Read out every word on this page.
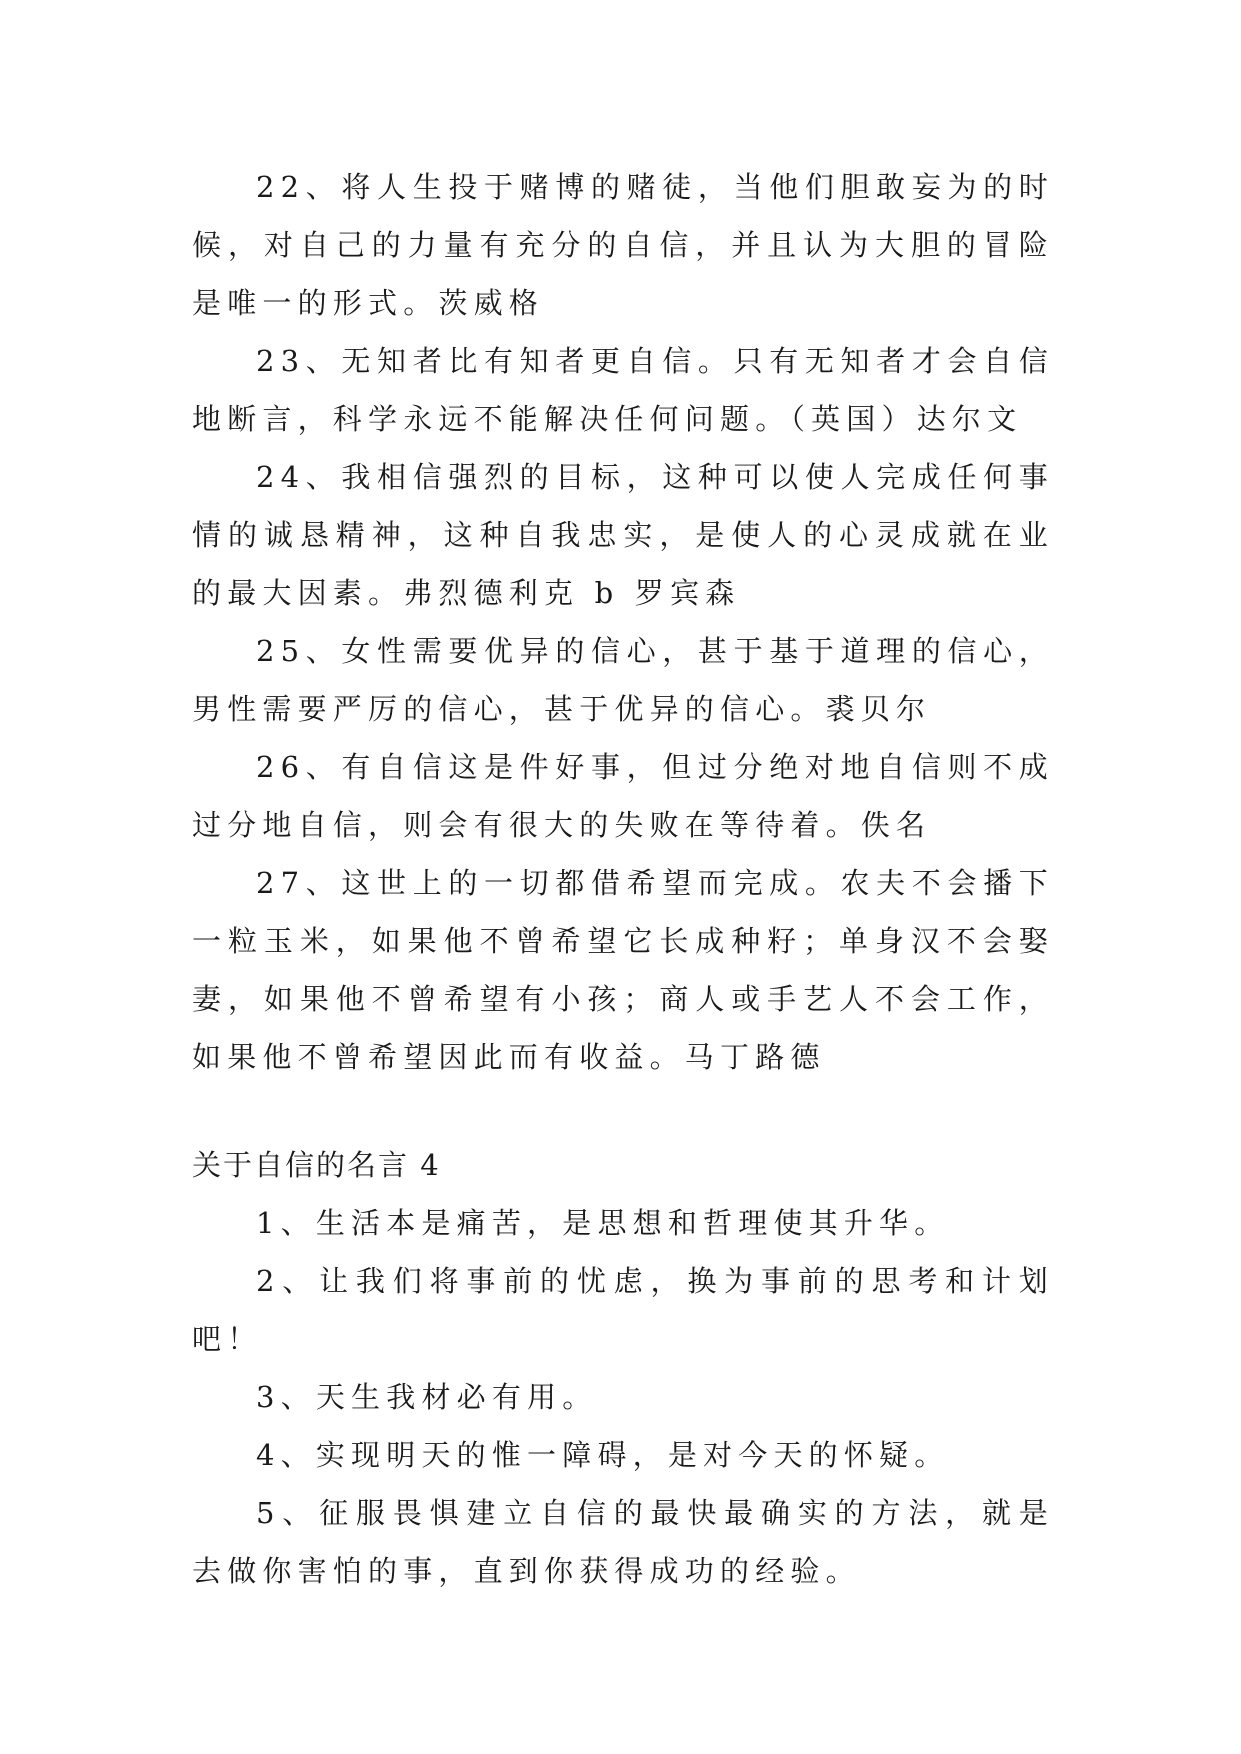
22、将人生投于赌博的赌徒，当他们胆敢妄为的时候，对自己的力量有充分的自信，并且认为大胆的冒险是唯一的形式。茨威格

23、无知者比有知者更自信。只有无知者才会自信地断言，科学永远不能解决任何问题。（英国）达尔文

24、我相信强烈的目标，这种可以使人完成任何事情的诚恳精神，这种自我忠实，是使人的心灵成就在业的最大因素。弗烈德利克 b 罗宾森

25、女性需要优异的信心，甚于基于道理的信心，男性需要严厉的信心，甚于优异的信心。裘贝尔

26、有自信这是件好事，但过分绝对地自信则不成过分地自信，则会有很大的失败在等待着。佚名

27、这世上的一切都借希望而完成。农夫不会播下一粒玉米，如果他不曾希望它长成种籽；单身汉不会娶妻，如果他不曾希望有小孩；商人或手艺人不会工作，如果他不曾希望因此而有收益。马丁路德

关于自信的名言 4

1、生活本是痛苦，是思想和哲理使其升华。

2、让我们将事前的忧虑，换为事前的思考和计划吧！

3、天生我材必有用。

4、实现明天的惟一障碍，是对今天的怀疑。

5、征服畏惧建立自信的最快最确实的方法，就是去做你害怕的事，直到你获得成功的经验。
